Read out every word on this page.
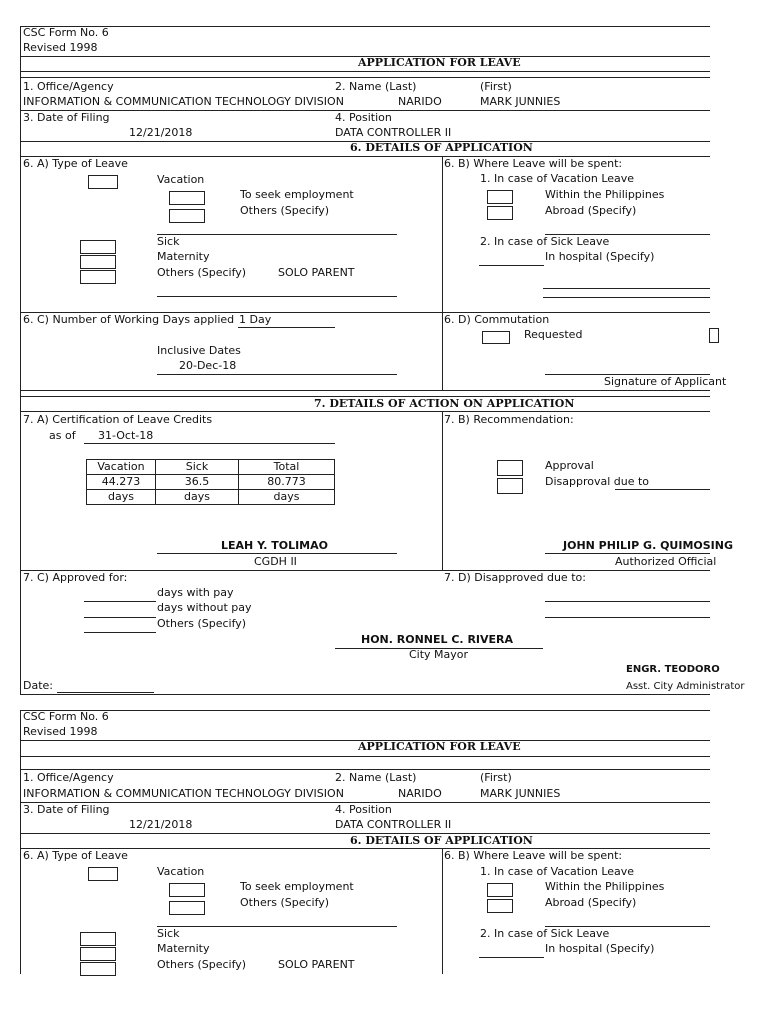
CSC Form No. 6
Revised 1998
APPLICATION FOR LEAVE
1. Office/Agency	2. Name (Last)	(First)
INFORMATION & COMMUNICATION TECHNOLOGY DIVISION	NARIDO	MARK JUNNIES
3. Date of Filing	4. Position
12/21/2018	DATA CONTROLLER II
6. DETAILS OF APPLICATION
6. A) Type of Leave
Vacation
To seek employment
Others (Specify)
Sick
Maternity
Others (Specify)	SOLO PARENT
6. B) Where Leave will be spent:
1. In case of Vacation Leave
Within the Philippines
Abroad (Specify)
2. In case of Sick Leave
In hospital (Specify)
6. C) Number of Working Days applied 1 Day
Inclusive Dates
20-Dec-18
6. D) Commutation
Requested
Signature of Applicant
7. DETAILS OF ACTION ON APPLICATION
7. A) Certification of Leave Credits
as of 31-Oct-18
Vacation	Sick	Total
44.273	36.5	80.773
days	days	days
LEAH Y. TOLIMAO
CGDH II
7. B) Recommendation:
Approval
Disapproval due to
JOHN PHILIP G. QUIMOSING
Authorized Official
7. C) Approved for:
days with pay
days without pay
Others (Specify)
7. D) Disapproved due to:
HON. RONNEL C. RIVERA
City Mayor
ENGR. TEODORO
Asst. City Administrator
Date:
CSC Form No. 6
Revised 1998
APPLICATION FOR LEAVE
1. Office/Agency	2. Name (Last)	(First)
INFORMATION & COMMUNICATION TECHNOLOGY DIVISION	NARIDO	MARK JUNNIES
3. Date of Filing	4. Position
12/21/2018	DATA CONTROLLER II
6. DETAILS OF APPLICATION
6. A) Type of Leave
Vacation
To seek employment
Others (Specify)
Sick
Maternity
Others (Specify)	SOLO PARENT
6. B) Where Leave will be spent:
1. In case of Vacation Leave
Within the Philippines
Abroad (Specify)
2. In case of Sick Leave
In hospital (Specify)
